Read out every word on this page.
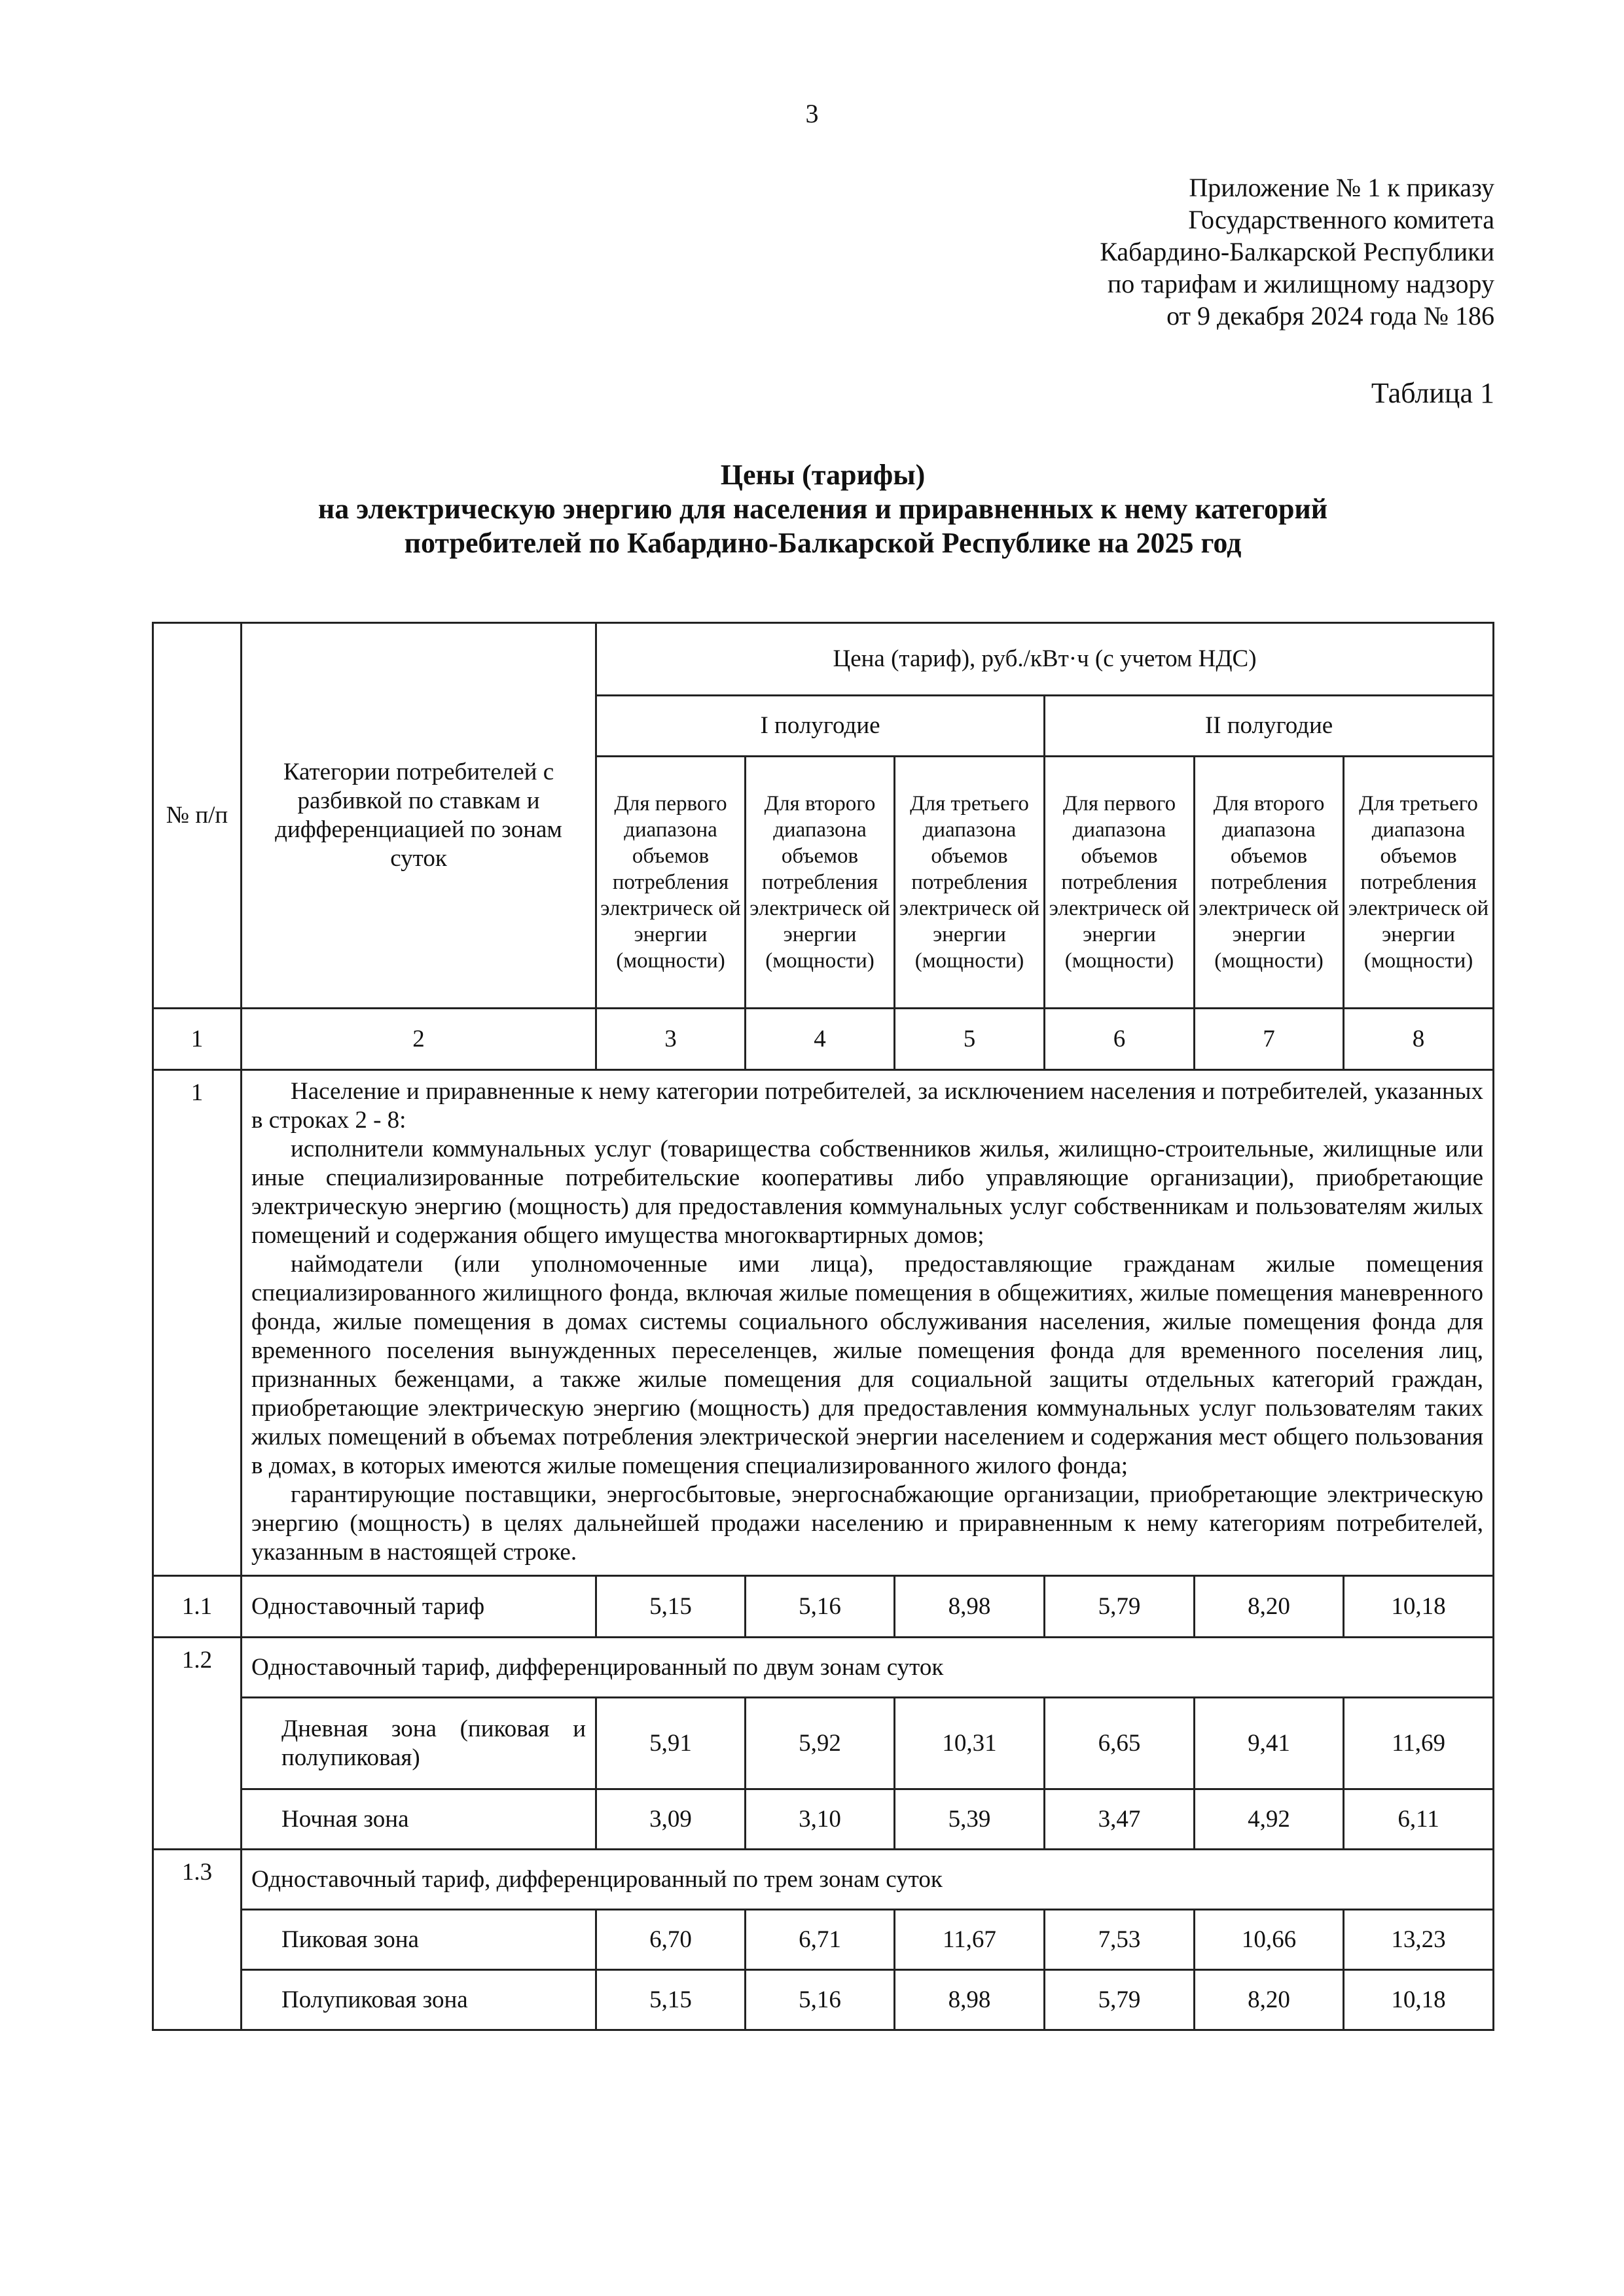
3
Приложение № 1 к приказу
Государственного комитета
Кабардино-Балкарской Республики
по тарифам и жилищному надзору
от 9 декабря 2024 года № 186
Таблица 1
Цены (тарифы)
на электрическую энергию для населения и приравненных к нему категорий
потребителей по Кабардино-Балкарской Республике на 2025 год
№ п/п	Категории потребителей с разбивкой по ставкам и дифференциацией по зонам суток	Цена (тариф), руб./кВт·ч (с учетом НДС)					
		I полугодие			II полугодие		
		Для первого диапазона объемов потребления электрическ ой энергии (мощности)	Для второго диапазона объемов потребления электрическ ой энергии (мощности)	Для третьего диапазона объемов потребления электрическ ой энергии (мощности)	Для первого диапазона объемов потребления электрическ ой энергии (мощности)	Для второго диапазона объемов потребления электрическ ой энергии (мощности)	Для третьего диапазона объемов потребления электрическ ой энергии (мощности)
1	2	3	4	5	6	7	8
1	Население и приравненные к нему категории потребителей, за исключением населения и потребителей, указанных в строках 2 - 8:

исполнители коммунальных услуг (товарищества собственников жилья, жилищно-строительные, жилищные или иные специализированные потребительские кооперативы либо управляющие организации), приобретающие электрическую энергию (мощность) для предоставления коммунальных услуг собственникам и пользователям жилых помещений и содержания общего имущества многоквартирных домов;

наймодатели (или уполномоченные ими лица), предоставляющие гражданам жилые помещения специализированного жилищного фонда, включая жилые помещения в общежитиях, жилые помещения маневренного фонда, жилые помещения в домах системы социального обслуживания населения, жилые помещения фонда для временного поселения вынужденных переселенцев, жилые помещения фонда для временного поселения лиц, признанных беженцами, а также жилые помещения для социальной защиты отдельных категорий граждан, приобретающие электрическую энергию (мощность) для предоставления коммунальных услуг пользователям таких жилых помещений в объемах потребления электрической энергии населением и содержания мест общего пользования в домах, в которых имеются жилые помещения специализированного жилого фонда;

гарантирующие поставщики, энергосбытовые, энергоснабжающие организации, приобретающие электрическую энергию (мощность) в целях дальнейшей продажи населению и приравненным к нему категориям потребителей, указанным в настоящей строке.						

1.1	Одноставочный тариф	5,15	5,16	8,98	5,79	8,20	10,18
1.2	Одноставочный тариф, дифференцированный по двум зонам суток						
	Дневная зона (пиковая и полупиковая)	5,91	5,92	10,31	6,65	9,41	11,69
	Ночная зона	3,09	3,10	5,39	3,47	4,92	6,11
1.3	Одноставочный тариф, дифференцированный по трем зонам суток						
	Пиковая зона	6,70	6,71	11,67	7,53	10,66	13,23
	Полупиковая зона	5,15	5,16	8,98	5,79	8,20	10,18
